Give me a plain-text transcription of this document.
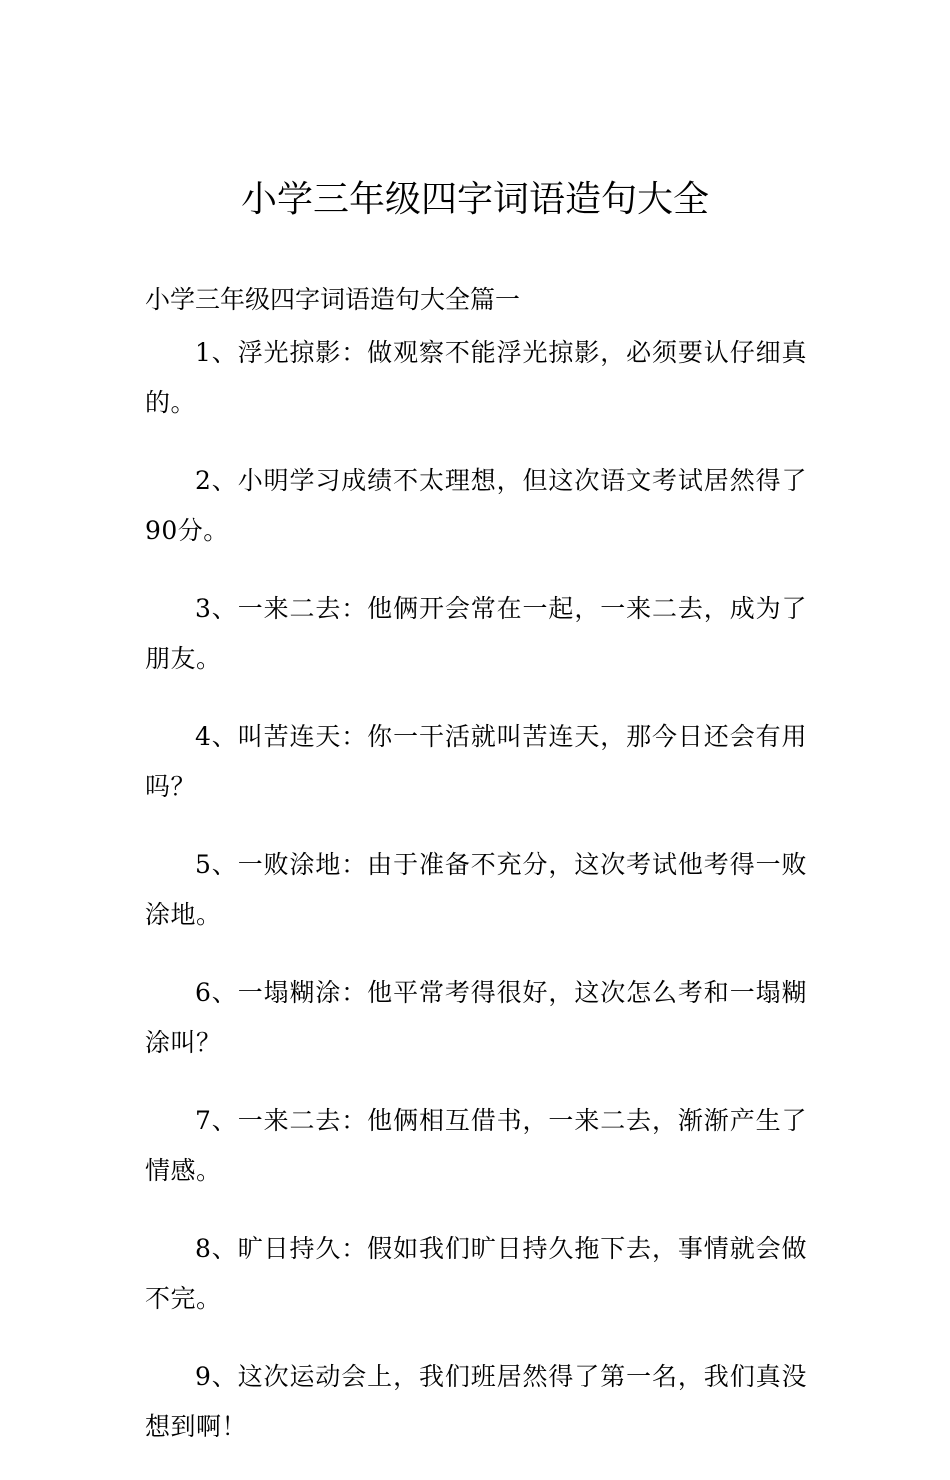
小学三年级四字词语造句大全
小学三年级四字词语造句大全篇一

1、浮光掠影：做观察不能浮光掠影，必须要认仔细真的。

2、小明学习成绩不太理想，但这次语文考试居然得了90分。

3、一来二去：他俩开会常在一起，一来二去，成为了朋友。

4、叫苦连天：你一干活就叫苦连天，那今日还会有用吗？

5、一败涂地：由于准备不充分，这次考试他考得一败涂地。

6、一塌糊涂：他平常考得很好，这次怎么考和一塌糊涂叫？

7、一来二去：他俩相互借书，一来二去，渐渐产生了情感。

8、旷日持久：假如我们旷日持久拖下去，事情就会做不完。

9、这次运动会上，我们班居然得了第一名，我们真没想到啊！
